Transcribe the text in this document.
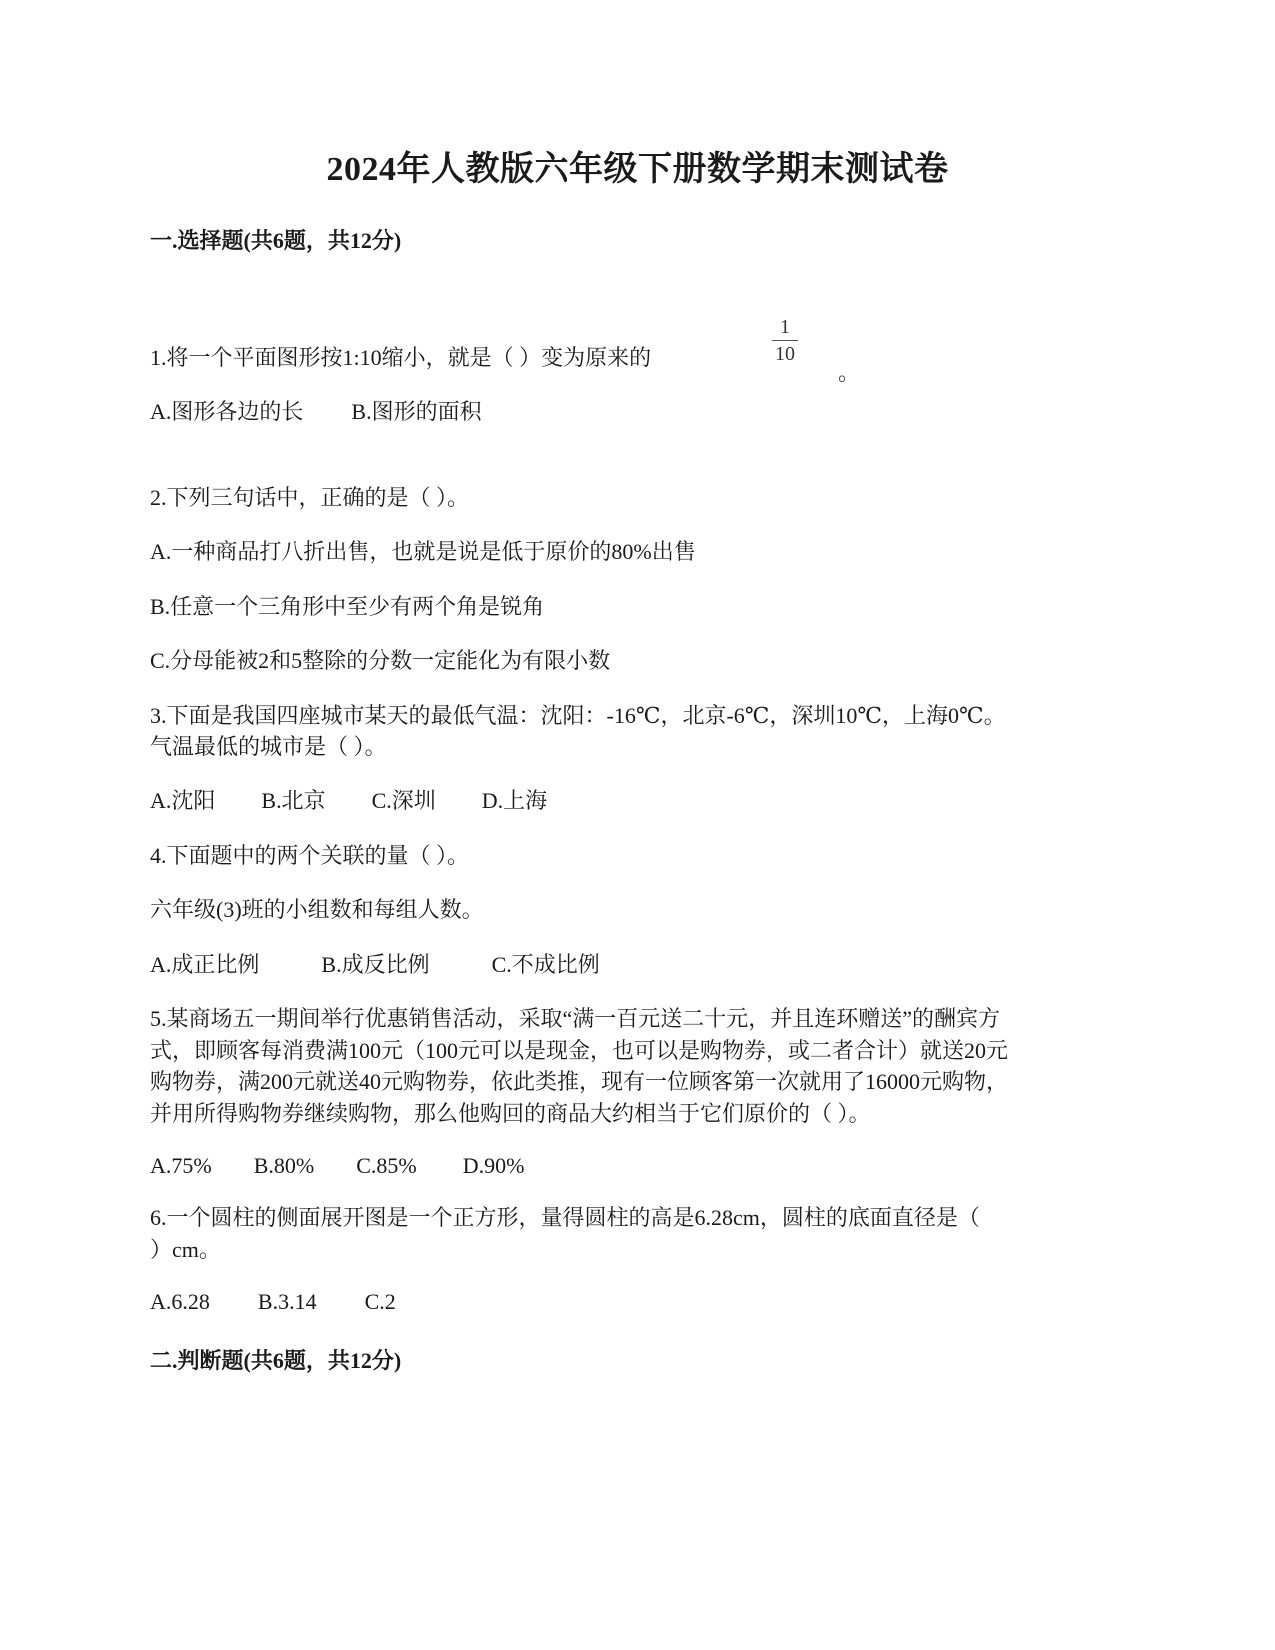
2024年人教版六年级下册数学期末测试卷
一.选择题(共6题，共12分)
1.将一个平面图形按1:10缩小，就是（ ）变为原来的
1
10
。
A.图形各边的长 B.图形的面积
2.下列三句话中，正确的是（ ）。
A.一种商品打八折出售，也就是说是低于原价的80%出售
B.任意一个三角形中至少有两个角是锐角
C.分母能被2和5整除的分数一定能化为有限小数
3.下面是我国四座城市某天的最低气温：沈阳：-16℃，北京-6℃，深圳10℃，上海0℃。
气温最低的城市是（ ）。
A.沈阳 B.北京 C.深圳 D.上海
4.下面题中的两个关联的量（ ）。
六年级(3)班的小组数和每组人数。
A.成正比例	B.成反比例	C.不成比例
5.某商场五一期间举行优惠销售活动，采取“满一百元送二十元，并且连环赠送”的酬宾方
式，即顾客每消费满100元（100元可以是现金，也可以是购物券，或二者合计）就送20元
购物券，满200元就送40元购物券，依此类推，现有一位顾客第一次就用了16000元购物，
并用所得购物券继续购物，那么他购回的商品大约相当于它们原价的（ ）。
A.75% B.80% C.85% D.90%
6.一个圆柱的侧面展开图是一个正方形，量得圆柱的高是6.28cm，圆柱的底面直径是（
）cm。
A.6.28 B.3.14 C.2
二.判断题(共6题，共12分)
